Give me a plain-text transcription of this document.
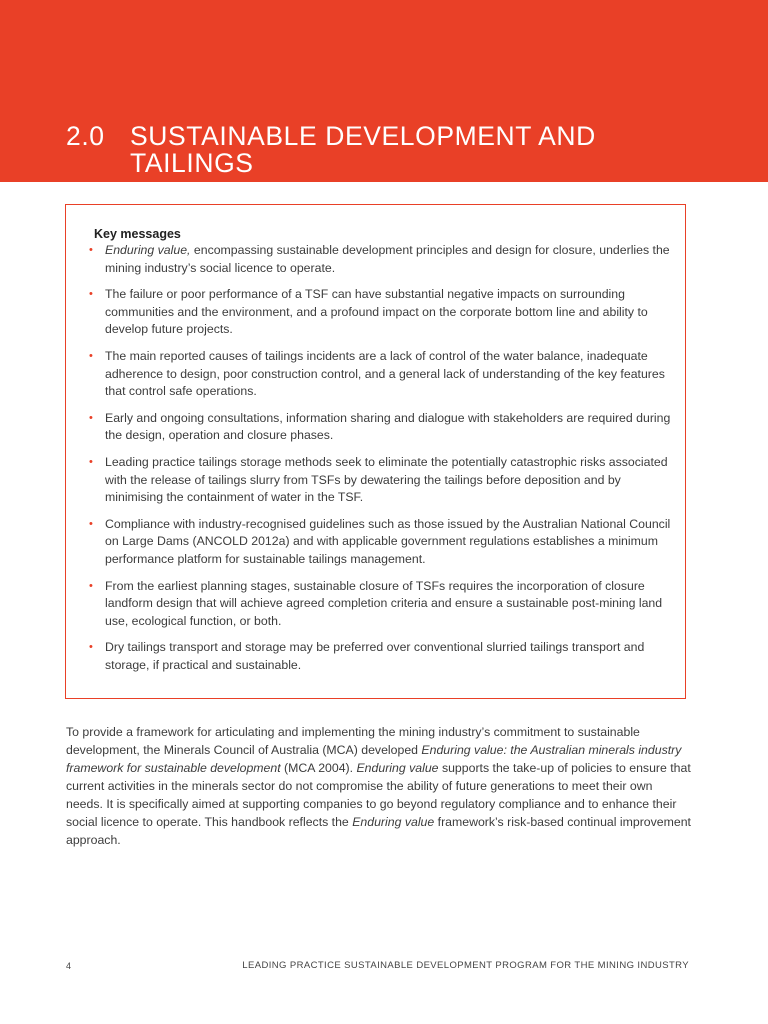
2.0 SUSTAINABLE DEVELOPMENT AND TAILINGS
Key messages
• Enduring value, encompassing sustainable development principles and design for closure, underlies the mining industry’s social licence to operate.
• The failure or poor performance of a TSF can have substantial negative impacts on surrounding communities and the environment, and a profound impact on the corporate bottom line and ability to develop future projects.
• The main reported causes of tailings incidents are a lack of control of the water balance, inadequate adherence to design, poor construction control, and a general lack of understanding of the key features that control safe operations.
• Early and ongoing consultations, information sharing and dialogue with stakeholders are required during the design, operation and closure phases.
• Leading practice tailings storage methods seek to eliminate the potentially catastrophic risks associated with the release of tailings slurry from TSFs by dewatering the tailings before deposition and by minimising the containment of water in the TSF.
• Compliance with industry-recognised guidelines such as those issued by the Australian National Council on Large Dams (ANCOLD 2012a) and with applicable government regulations establishes a minimum performance platform for sustainable tailings management.
• From the earliest planning stages, sustainable closure of TSFs requires the incorporation of closure landform design that will achieve agreed completion criteria and ensure a sustainable post-mining land use, ecological function, or both.
• Dry tailings transport and storage may be preferred over conventional slurried tailings transport and storage, if practical and sustainable.

To provide a framework for articulating and implementing the mining industry’s commitment to sustainable development, the Minerals Council of Australia (MCA) developed Enduring value: the Australian minerals industry framework for sustainable development (MCA 2004). Enduring value supports the take-up of policies to ensure that current activities in the minerals sector do not compromise the ability of future generations to meet their own needs. It is specifically aimed at supporting companies to go beyond regulatory compliance and to enhance their social licence to operate. This handbook reflects the Enduring value framework’s risk-based continual improvement approach.

4	LEADING PRACTICE SUSTAINABLE DEVELOPMENT PROGRAM FOR THE MINING INDUSTRY
